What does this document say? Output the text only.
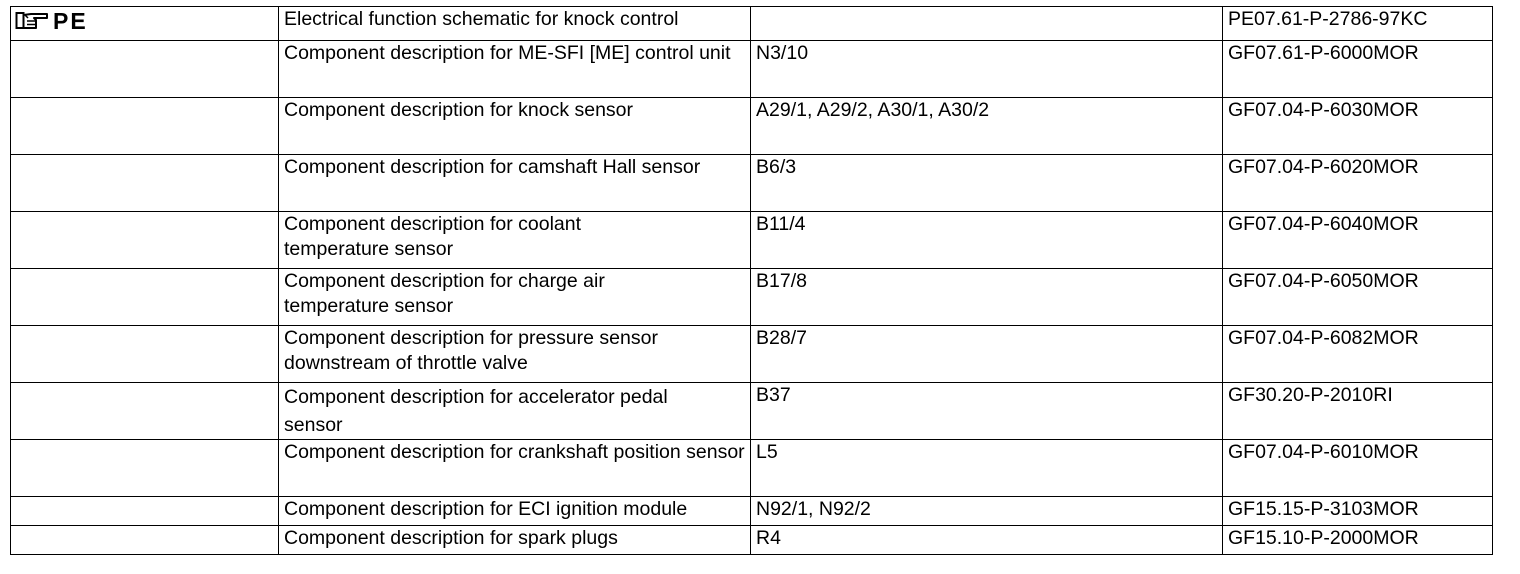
PE	Electrical function schematic for knock control		PE07.61-P-2786-97KC
	Component description for ME-SFI [ME] control unit	N3/10	GF07.61-P-6000MOR
	Component description for knock sensor	A29/1, A29/2, A30/1, A30/2	GF07.04-P-6030MOR
	Component description for camshaft Hall sensor	B6/3	GF07.04-P-6020MOR
	Component description for coolant temperature sensor	B11/4	GF07.04-P-6040MOR
	Component description for charge air temperature sensor	B17/8	GF07.04-P-6050MOR
	Component description for pressure sensor downstream of throttle valve	B28/7	GF07.04-P-6082MOR
	Component description for accelerator pedal sensor	B37	GF30.20-P-2010RI
	Component description for crankshaft position sensor	L5	GF07.04-P-6010MOR
	Component description for ECI ignition module	N92/1, N92/2	GF15.15-P-3103MOR
	Component description for spark plugs	R4	GF15.10-P-2000MOR
